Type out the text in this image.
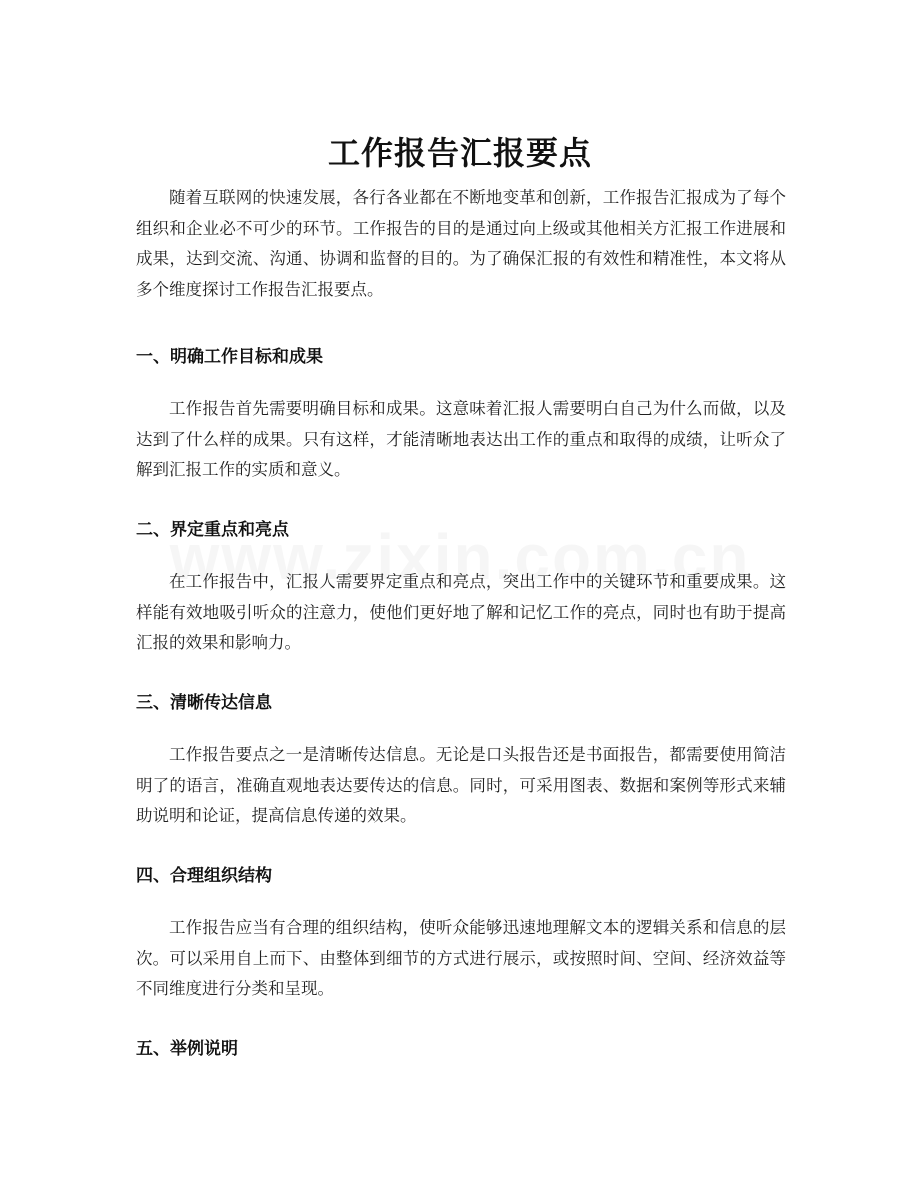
工作报告汇报要点

随着互联网的快速发展，各行各业都在不断地变革和创新，工作报告汇报成为了每个组织和企业必不可少的环节。工作报告的目的是通过向上级或其他相关方汇报工作进展和成果，达到交流、沟通、协调和监督的目的。为了确保汇报的有效性和精准性，本文将从多个维度探讨工作报告汇报要点。

一、明确工作目标和成果

工作报告首先需要明确目标和成果。这意味着汇报人需要明白自己为什么而做，以及达到了什么样的成果。只有这样，才能清晰地表达出工作的重点和取得的成绩，让听众了解到汇报工作的实质和意义。

二、界定重点和亮点

在工作报告中，汇报人需要界定重点和亮点，突出工作中的关键环节和重要成果。这样能有效地吸引听众的注意力，使他们更好地了解和记忆工作的亮点，同时也有助于提高汇报的效果和影响力。

三、清晰传达信息

工作报告要点之一是清晰传达信息。无论是口头报告还是书面报告，都需要使用简洁明了的语言，准确直观地表达要传达的信息。同时，可采用图表、数据和案例等形式来辅助说明和论证，提高信息传递的效果。

四、合理组织结构

工作报告应当有合理的组织结构，使听众能够迅速地理解文本的逻辑关系和信息的层次。可以采用自上而下、由整体到细节的方式进行展示，或按照时间、空间、经济效益等不同维度进行分类和呈现。

五、举例说明
